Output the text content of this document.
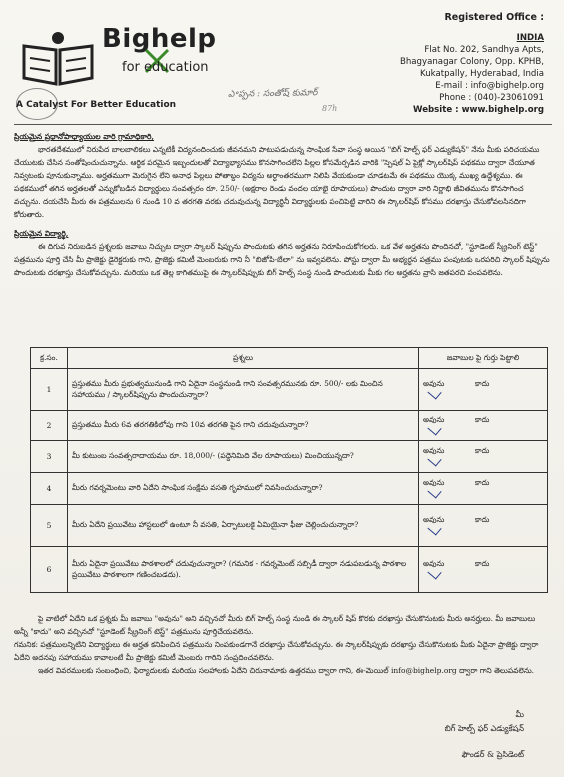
Bighelp
for education
A Catalyst For Better Education
Registered Office :
INDIA
Flat No. 202, Sandhya Apts,
Bhagyanagar Colony, Opp. KPHB,
Kukatpally, Hyderabad, India
E-mail : info@bighelp.org
Phone : (040)-23061091
Website : www.bighelp.org
ఎ॰ప్పన : సంతోష్ కుమార్
87h
ప్రియమైన ప్రధానోపాధ్యాయుల వారి గ్రామాధికారి,
భారతదేశములో నిరుపేద బాలబాలికలు ఎన్నటికీ విద్యనందించుకు జీవనమని పాటుపడుచున్న సాంఘిక సేవా సంస్థ అయిన "బిగ్ హెల్ప్ ఫర్ ఎడ్యుకేషన్" నేను మీకు పరిచయము చేయుటకు చేసిన సంతోషించుచున్నాను. ఆర్థిక పరమైన ఇబ్బందులతో విద్యాభ్యాసము కొనసాగించలేని పిల్లల కోసమేర్పడిన వారికి "స్పెషల్ ఏ పైక్లో స్కాలర్‌షిప్ పథకము ద్వారా చేయూత నివ్వటంకు పూనుకున్నాము. అర్హతముగా మెరుగైన లేని అనాధ పిల్లలు పోతాబ్దం విద్యను అర్ధాంతరముగా నిలిపి వేయకుండా చూడటమే ఈ పథకము యొక్క ముఖ్య ఉద్దేశ్యము. ఈ పథకములో తగిన అర్హతలతో ఎన్నుకోబడిన విద్యార్థులు సంవత్సరం రూ. 250/- (అక్షరాల రెండు వందల యాభై రూపాయలు) పొందుట ద్వారా వారి నిర్ణాభి జీవితమును కొనసాగించ వచ్చును. దయచేసి మీరు ఈ పత్రములను 6 నుండి 10 వ తరగతి వరకు చదువుచున్న విద్యార్థినీ విద్యార్థులకు పంచిపెట్టి వారిని ఈ స్కాలర్‌షిప్ కోసము దరఖాస్తు చేసుకోవలసినదిగా కోరుతారు.
ప్రియమైన విద్యార్థి,
ఈ దిగువ నిరుబడిన ప్రశ్నలకు జవాబు నిచ్చుట ద్వారా స్కాలర్ షిప్పును పొందుటకు తగిన అర్హతను నిరూపించుకోగలరు. ఒక వేళ అర్హతను పొందినచో, "స్టూడెంట్ స్క్రీనింగ్ టెస్ట్" పత్రమును పూర్తి చేసి మీ ప్రాజెక్టు డైరెక్టరుకు గాని, ప్రాజెక్టు కమిటీ మెంబరుకు గాని నీ "బిజోపి-బేలా" ను ఇవ్వవలెను. పోస్టు ద్వారా మీ అభ్యర్ధన పత్రము పంపుటకు ఒరపరిచి స్కాలర్ షిప్పును పొందుటకు దరఖాస్తు చేసుకోవచ్చును. మరియు ఒక తెల్ల కాగితముపై ఈ స్కాలర్‌షిప్పుకు బిగ్ హెల్ప్ సంస్థ నుండి పొందుటకు మీకు గల అర్హతను వ్రాసి జతపరచి పంపవలెను.
క్ర.సం.	ప్రశ్నలు	జవాబుల పై గుర్తు పెట్టాలి
1	ప్రస్తుతము మీరు ప్రభుత్వమునుండి గాని ఏదైనా సంస్థనుండి గాని సంవత్సరమునకు రూ. 500/- లకు మించిన సహాయము / స్కాలర్‌షిప్పును పొందుచున్నారా?	అవును కాదు
2	ప్రస్తుతము మీరు 6వ తరగతికిలోపు గాని 10వ తరగతి పైన గాని చదువుచున్నారా?	అవును కాదు
3	మీ కుటుంబ సంవత్సరాదాయము రూ. 18,000/- (పద్దెనిమిది వేల రూపాయలు) మించియున్నదా?	అవును కాదు
4	మీరు గవర్నమెంటు వారి ఏదేని సాంఘిక సంక్షేమ వసతి గృహములో నివసించుచున్నారా?	అవును కాదు
5	మీరు ఏదేని ప్రయివేటు హాస్టలులో ఉంటూ నీ వసతి, ఏర్పాటులకై ఏమియైనా ఫీజు చెల్లించుచున్నారా?	అవును కాదు
6	మీరు ఏదైనా ప్రయివేటు పాఠశాలలో చదువుచున్నారా? (గమనిక - గవర్నమెంట్ సబ్సిడీ ద్వారా నడుపబడున్న పాఠశాల ప్రయివేటు పాఠశాలగా గణించబడదు).	అవును కాదు
పై వాటిలో ఏదేని ఒక ప్రశ్నకు మీ జవాబు "అవును" అని వచ్చినచో మీరు బిగ్ హెల్ప్ సంస్థ నుండి ఈ స్కాలర్ షిప్ కొరకు దరఖాస్తు చేసుకొనుటకు మీరు అనర్హులు. మీ జవాబులు అన్నీ "కాదు" అని వచ్చినచో "స్టూడెంట్ స్క్రీనింగ్ టెస్ట్" పత్రమును పూర్తిచేయవలెను.
గమనిక: పత్రములన్నిటిని విద్యార్థులు ఈ అర్హత కనిపించిన పత్రమును నింపకుండగానే దరఖాస్తు చేసుకోవచ్చును. ఈ స్కాలర్‌షిప్పుకు దరఖాస్తు చేసుకొనుటకు మీకు ఏదైనా ప్రాజెక్టు ద్వారా ఏదేని అదనపు సహాయము కావాలంటే మీ ప్రాజెక్టు కమిటీ మెంబరు గారిని సంప్రదించవలెను.
ఇతర వివరములకు సంబంధించి, ఫిర్యాదులకు మరియు సలహాలకు ఏదేని చిరునామాకు ఉత్తరము ద్వారా గాని, ఈ-మెయిల్ info@bighelp.org ద్వారా గాని తెలుపవలెను.
మీ
బిగ్ హెల్ప్ ఫర్ ఎడ్యుకేషన్
ఫౌండర్ & ప్రెసిడెంట్
